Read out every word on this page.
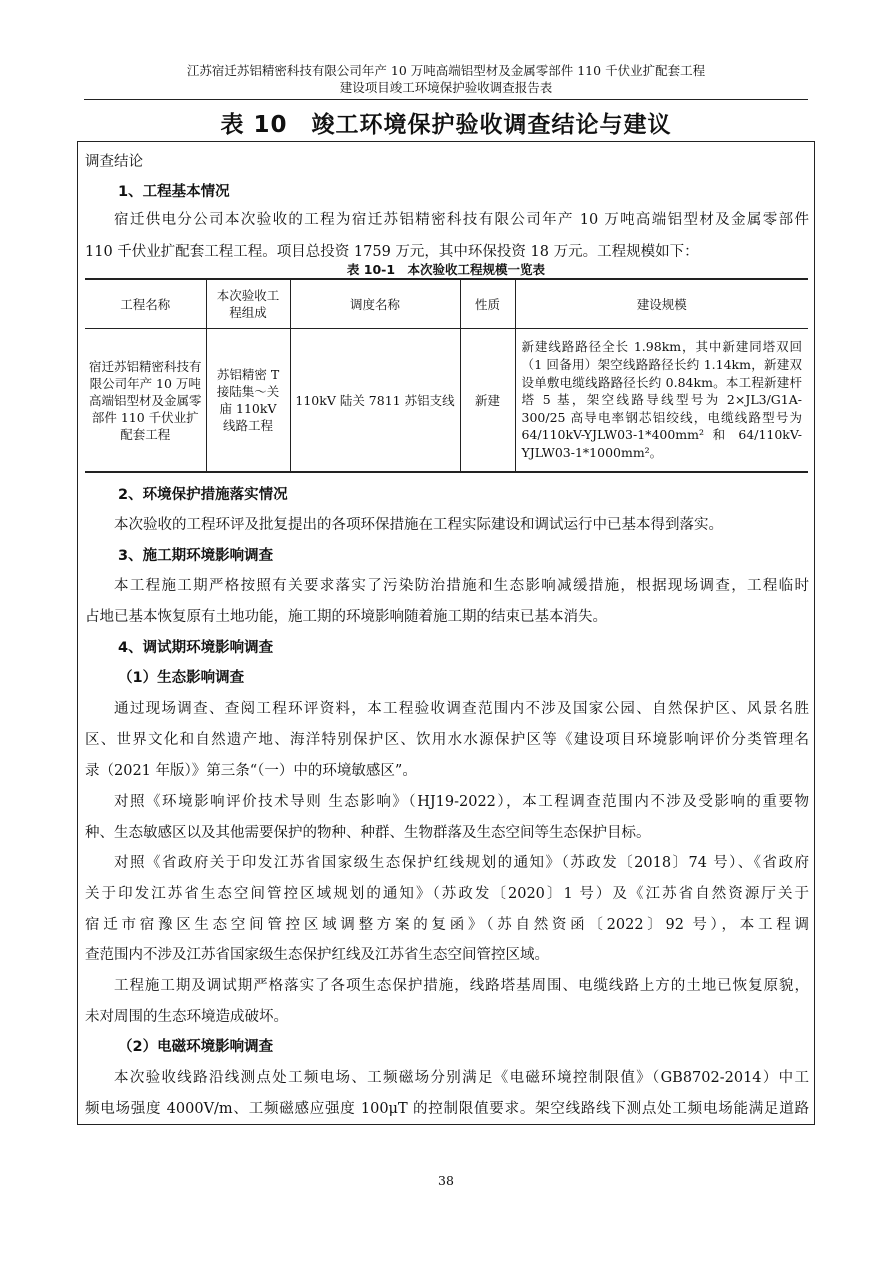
江苏宿迁苏铝精密科技有限公司年产 10 万吨高端铝型材及金属零部件 110 千伏业扩配套工程
建设项目竣工环境保护验收调查报告表
表 10　竣工环境保护验收调查结论与建议
调查结论
1、工程基本情况
宿迁供电分公司本次验收的工程为宿迁苏铝精密科技有限公司年产 10 万吨高端铝型材及金属零部件
110 千伏业扩配套工程工程。项目总投资 1759 万元，其中环保投资 18 万元。工程规模如下：
表 10-1　本次验收工程规模一览表
工程名称	本次验收工程组成	调度名称	性质	建设规模
宿迁苏铝精密科技有限公司年产 10 万吨高端铝型材及金属零部件 110 千伏业扩配套工程	苏铝精密 T 接陆集～关庙 110kV 线路工程	110kV 陆关 7811 苏铝支线	新建	新建线路路径全长 1.98km，其中新建同塔双回（1 回备用）架空线路路径长约 1.14km，新建双设单敷电缆线路路径长约 0.84km。本工程新建杆塔 5 基，架空线路导线型号为 2×JL3/G1A-300/25 高导电率钢芯铝绞线，电缆线路型号为 64/110kV-YJLW03-1*400mm² 和 64/110kV-YJLW03-1*1000mm²。
2、环境保护措施落实情况
本次验收的工程环评及批复提出的各项环保措施在工程实际建设和调试运行中已基本得到落实。
3、施工期环境影响调查
本工程施工期严格按照有关要求落实了污染防治措施和生态影响减缓措施，根据现场调查，工程临时
占地已基本恢复原有土地功能，施工期的环境影响随着施工期的结束已基本消失。
4、调试期环境影响调查
（1）生态影响调查
通过现场调查、查阅工程环评资料，本工程验收调查范围内不涉及国家公园、自然保护区、风景名胜
区、世界文化和自然遗产地、海洋特别保护区、饮用水水源保护区等《建设项目环境影响评价分类管理名
录（2021 年版）》第三条“（一）中的环境敏感区”。
对照《环境影响评价技术导则 生态影响》（HJ19-2022），本工程调查范围内不涉及受影响的重要物
种、生态敏感区以及其他需要保护的物种、种群、生物群落及生态空间等生态保护目标。
对照《省政府关于印发江苏省国家级生态保护红线规划的通知》（苏政发〔2018〕74 号）、《省政府
关于印发江苏省生态空间管控区域规划的通知》（苏政发〔2020〕1 号）及《江苏省自然资源厅关于
宿迁市宿豫区生态空间管控区域调整方案的复函》（苏自然资函〔2022〕92 号），本工程调
查范围内不涉及江苏省国家级生态保护红线及江苏省生态空间管控区域。
工程施工期及调试期严格落实了各项生态保护措施，线路塔基周围、电缆线路上方的土地已恢复原貌，
未对周围的生态环境造成破坏。
（2）电磁环境影响调查
本次验收线路沿线测点处工频电场、工频磁场分别满足《电磁环境控制限值》（GB8702-2014）中工
频电场强度 4000V/m、工频磁感应强度 100μT 的控制限值要求。架空线路线下测点处工频电场能满足道路
38
